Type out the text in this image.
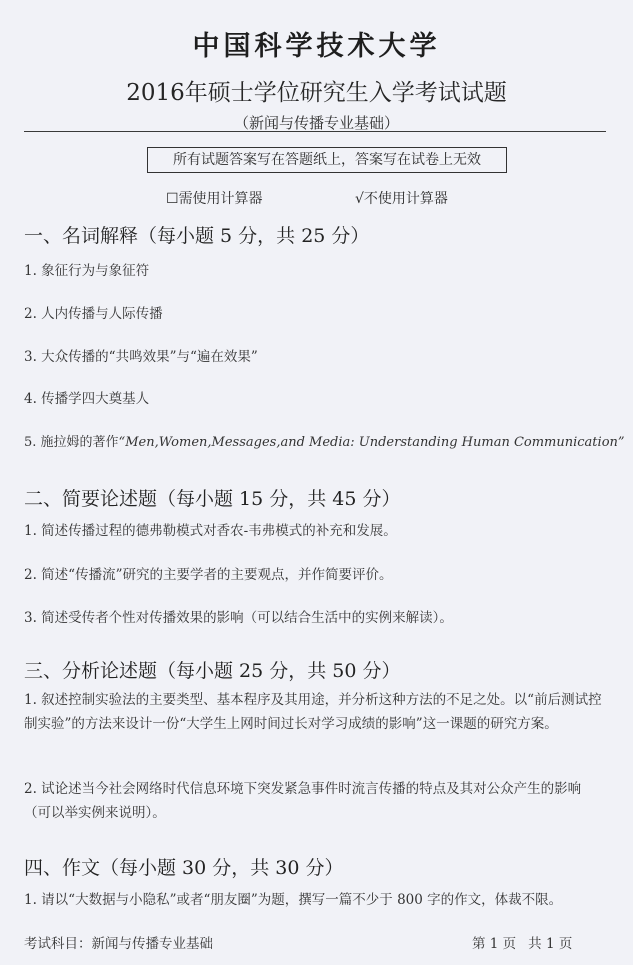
中国科学技术大学
2016年硕士学位研究生入学考试试题
（新闻与传播专业基础）
所有试题答案写在答题纸上，答案写在试卷上无效
☐需使用计算器	√不使用计算器
一、名词解释（每小题 5 分，共 25 分）
1. 象征行为与象征符
2. 人内传播与人际传播
3. 大众传播的“共鸣效果”与“遍在效果”
4. 传播学四大奠基人
5. 施拉姆的著作“Men,Women,Messages,and Media: Understanding Human Communication”
二、简要论述题（每小题 15 分，共 45 分）
1. 简述传播过程的德弗勒模式对香农-韦弗模式的补充和发展。
2. 简述“传播流”研究的主要学者的主要观点，并作简要评价。
3. 简述受传者个性对传播效果的影响（可以结合生活中的实例来解读）。
三、分析论述题（每小题 25 分，共 50 分）
1. 叙述控制实验法的主要类型、基本程序及其用途，并分析这种方法的不足之处。以“前后测试控制实验”的方法来设计一份“大学生上网时间过长对学习成绩的影响”这一课题的研究方案。
2. 试论述当今社会网络时代信息环境下突发紧急事件时流言传播的特点及其对公众产生的影响（可以举实例来说明）。
四、作文（每小题 30 分，共 30 分）
1. 请以“大数据与小隐私”或者“朋友圈”为题，撰写一篇不少于 800 字的作文，体裁不限。
考试科目：新闻与传播专业基础	第 1 页 共 1 页
